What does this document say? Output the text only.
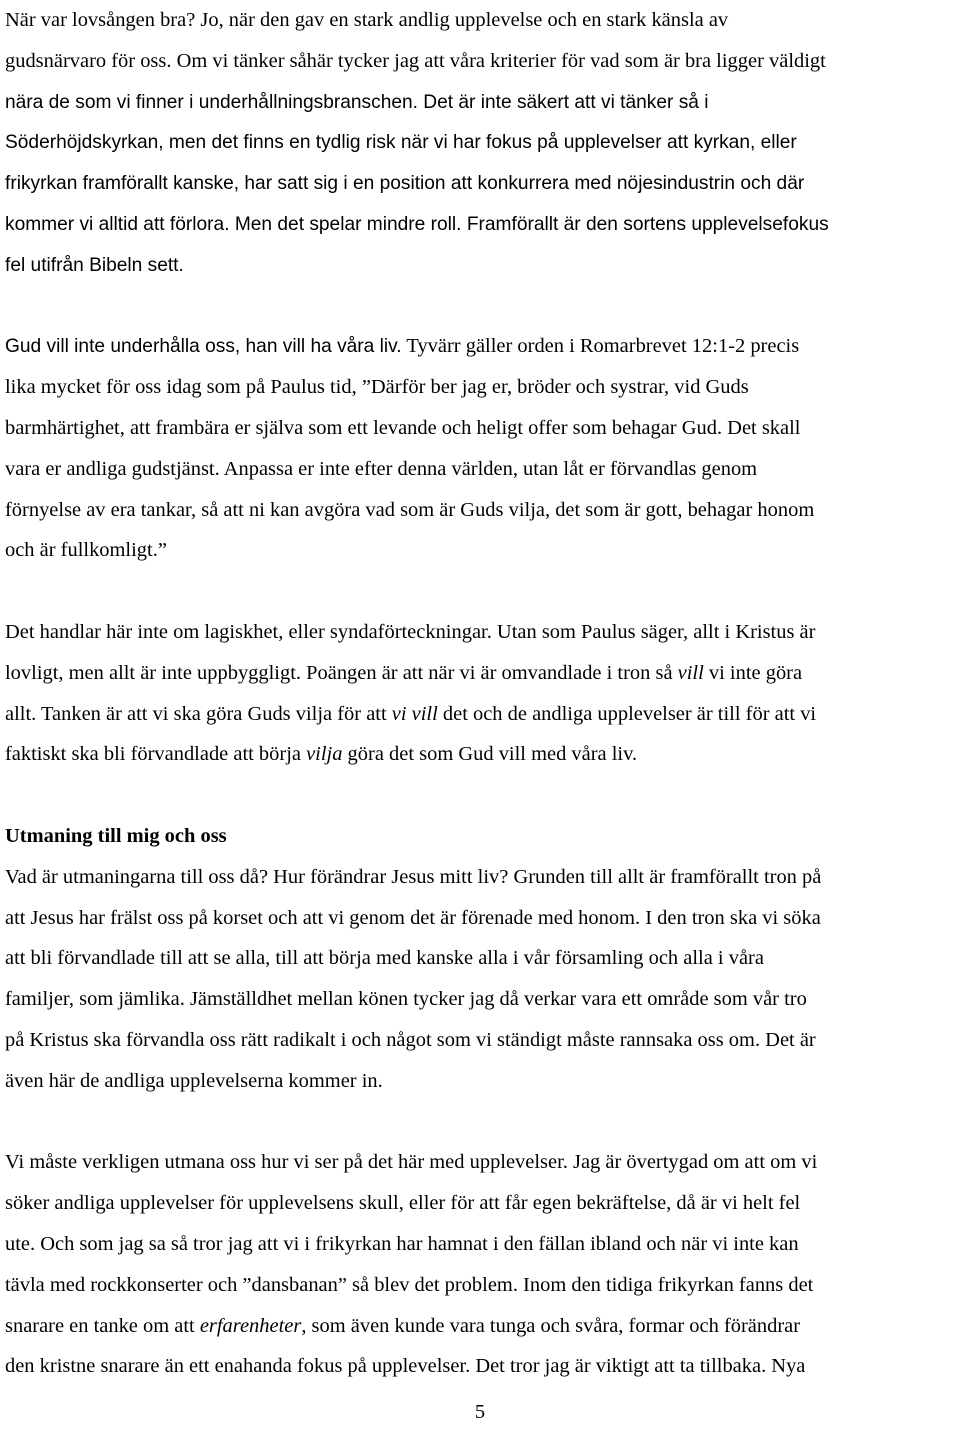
När var lovsången bra? Jo, när den gav en stark andlig upplevelse och en stark känsla av
gudsnärvaro för oss. Om vi tänker såhär tycker jag att våra kriterier för vad som är bra ligger väldigt
nära de som vi finner i underhållningsbranschen. Det är inte säkert att vi tänker så i
Söderhöjdskyrkan, men det finns en tydlig risk när vi har fokus på upplevelser att kyrkan, eller
frikyrkan framförallt kanske, har satt sig i en position att konkurrera med nöjesindustrin och där
kommer vi alltid att förlora. Men det spelar mindre roll. Framförallt är den sortens upplevelsefokus
fel utifrån Bibeln sett.
Gud vill inte underhålla oss, han vill ha våra liv. Tyvärr gäller orden i Romarbrevet 12:1-2 precis
lika mycket för oss idag som på Paulus tid, ”Därför ber jag er, bröder och systrar, vid Guds
barmhärtighet, att frambära er själva som ett levande och heligt offer som behagar Gud. Det skall
vara er andliga gudstjänst. Anpassa er inte efter denna världen, utan låt er förvandlas genom
förnyelse av era tankar, så att ni kan avgöra vad som är Guds vilja, det som är gott, behagar honom
och är fullkomligt.”
Det handlar här inte om lagiskhet, eller syndaförteckningar. Utan som Paulus säger, allt i Kristus är
lovligt, men allt är inte uppbyggligt. Poängen är att när vi är omvandlade i tron så vill vi inte göra
allt. Tanken är att vi ska göra Guds vilja för att vi vill det och de andliga upplevelser är till för att vi
faktiskt ska bli förvandlade att börja vilja göra det som Gud vill med våra liv.
Utmaning till mig och oss
Vad är utmaningarna till oss då? Hur förändrar Jesus mitt liv? Grunden till allt är framförallt tron på
att Jesus har frälst oss på korset och att vi genom det är förenade med honom. I den tron ska vi söka
att bli förvandlade till att se alla, till att börja med kanske alla i vår församling och alla i våra
familjer, som jämlika. Jämställdhet mellan könen tycker jag då verkar vara ett område som vår tro
på Kristus ska förvandla oss rätt radikalt i och något som vi ständigt måste rannsaka oss om. Det är
även här de andliga upplevelserna kommer in.
Vi måste verkligen utmana oss hur vi ser på det här med upplevelser. Jag är övertygad om att om vi
söker andliga upplevelser för upplevelsens skull, eller för att får egen bekräftelse, då är vi helt fel
ute. Och som jag sa så tror jag att vi i frikyrkan har hamnat i den fällan ibland och när vi inte kan
tävla med rockkonserter och ”dansbanan” så blev det problem. Inom den tidiga frikyrkan fanns det
snarare en tanke om att erfarenheter, som även kunde vara tunga och svåra, formar och förändrar
den kristne snarare än ett enahanda fokus på upplevelser. Det tror jag är viktigt att ta tillbaka. Nya
5
